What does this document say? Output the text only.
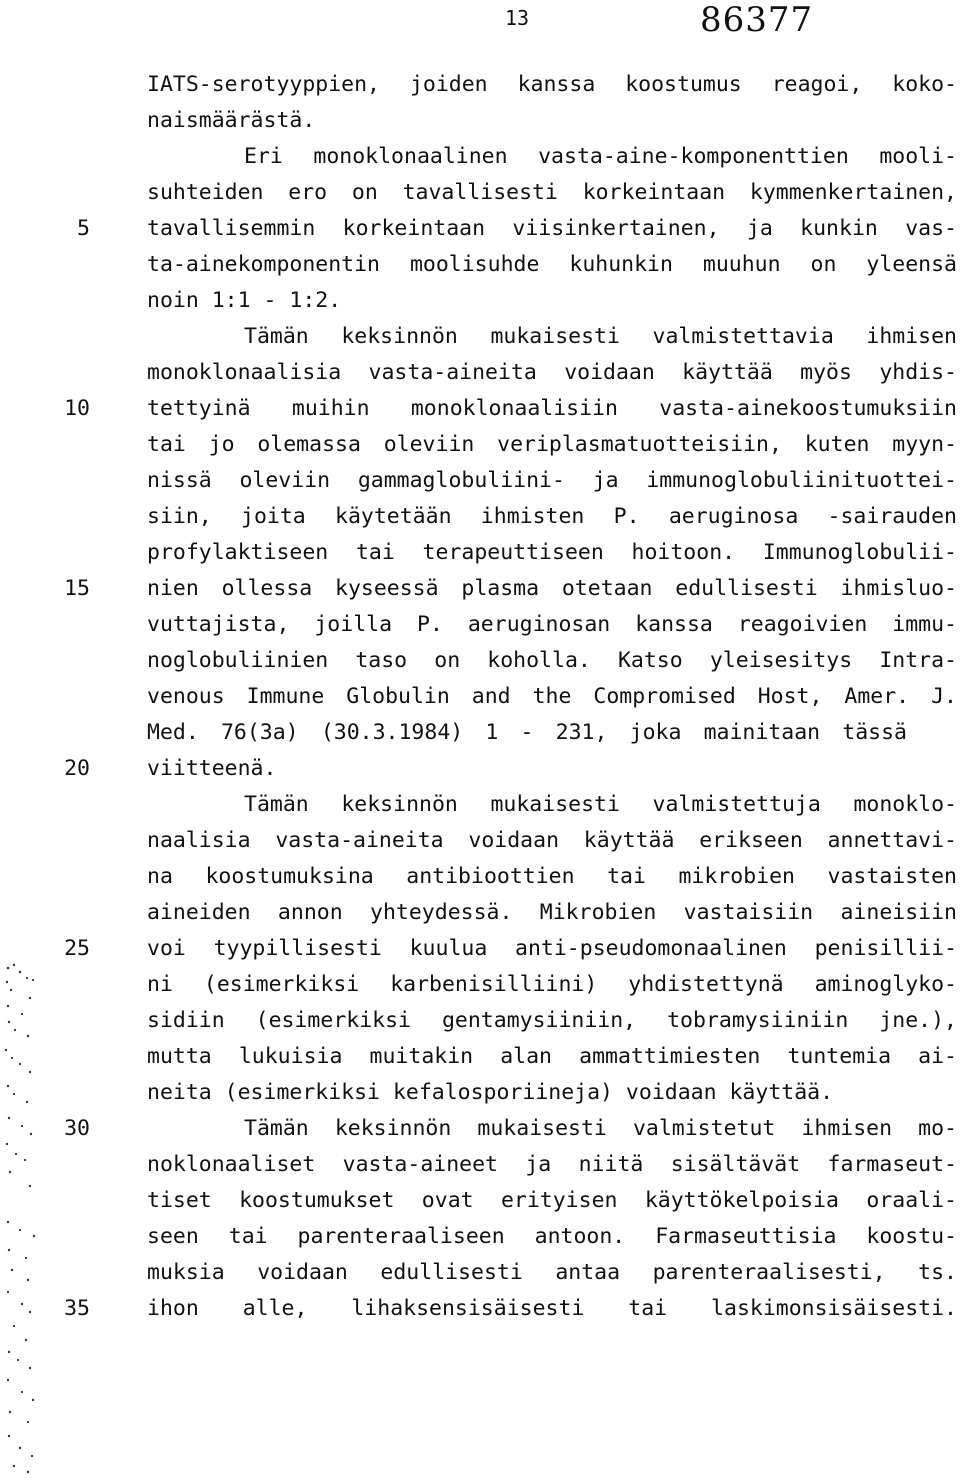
13	86377
IATS-serotyyppien, joiden kanssa koostumus reagoi, koko-
naismäärästä.
Eri monoklonaalinen vasta-aine-komponenttien mooli-
suhteiden ero on tavallisesti korkeintaan kymmenkertainen,
tavallisemmin korkeintaan viisinkertainen, ja kunkin vas-
ta-ainekomponentin moolisuhde kuhunkin muuhun on yleensä
noin 1:1 - 1:2.
Tämän keksinnön mukaisesti valmistettavia ihmisen
monoklonaalisia vasta-aineita voidaan käyttää myös yhdis-
tettyinä muihin monoklonaalisiin vasta-ainekoostumuksiin
tai jo olemassa oleviin veriplasmatuotteisiin, kuten myyn-
nissä oleviin gammaglobuliini- ja immunoglobuliinituottei-
siin, joita käytetään ihmisten P. aeruginosa -sairauden
profylaktiseen tai terapeuttiseen hoitoon. Immunoglobulii-
nien ollessa kyseessä plasma otetaan edullisesti ihmisluo-
vuttajista, joilla P. aeruginosan kanssa reagoivien immu-
noglobuliinien taso on koholla. Katso yleisesitys Intra-
venous Immune Globulin and the Compromised Host, Amer. J.
Med. 76(3a) (30.3.1984) 1 - 231, joka mainitaan tässä
viitteenä.
Tämän keksinnön mukaisesti valmistettuja monoklo-
naalisia vasta-aineita voidaan käyttää erikseen annettavi-
na koostumuksina antibioottien tai mikrobien vastaisten
aineiden annon yhteydessä. Mikrobien vastaisiin aineisiin
voi tyypillisesti kuulua anti-pseudomonaalinen penisillii-
ni (esimerkiksi karbenisilliini) yhdistettynä aminoglyko-
sidiin (esimerkiksi gentamysiiniin, tobramysiiniin jne.),
mutta lukuisia muitakin alan ammattimiesten tuntemia ai-
neita (esimerkiksi kefalosporiineja) voidaan käyttää.
Tämän keksinnön mukaisesti valmistetut ihmisen mo-
noklonaaliset vasta-aineet ja niitä sisältävät farmaseut-
tiset koostumukset ovat erityisen käyttökelpoisia oraali-
seen tai parenteraaliseen antoon. Farmaseuttisia koostu-
muksia voidaan edullisesti antaa parenteraalisesti, ts.
ihon alle, lihaksensisäisesti tai laskimonsisäisesti.
5
10
15
20
25
30
35
